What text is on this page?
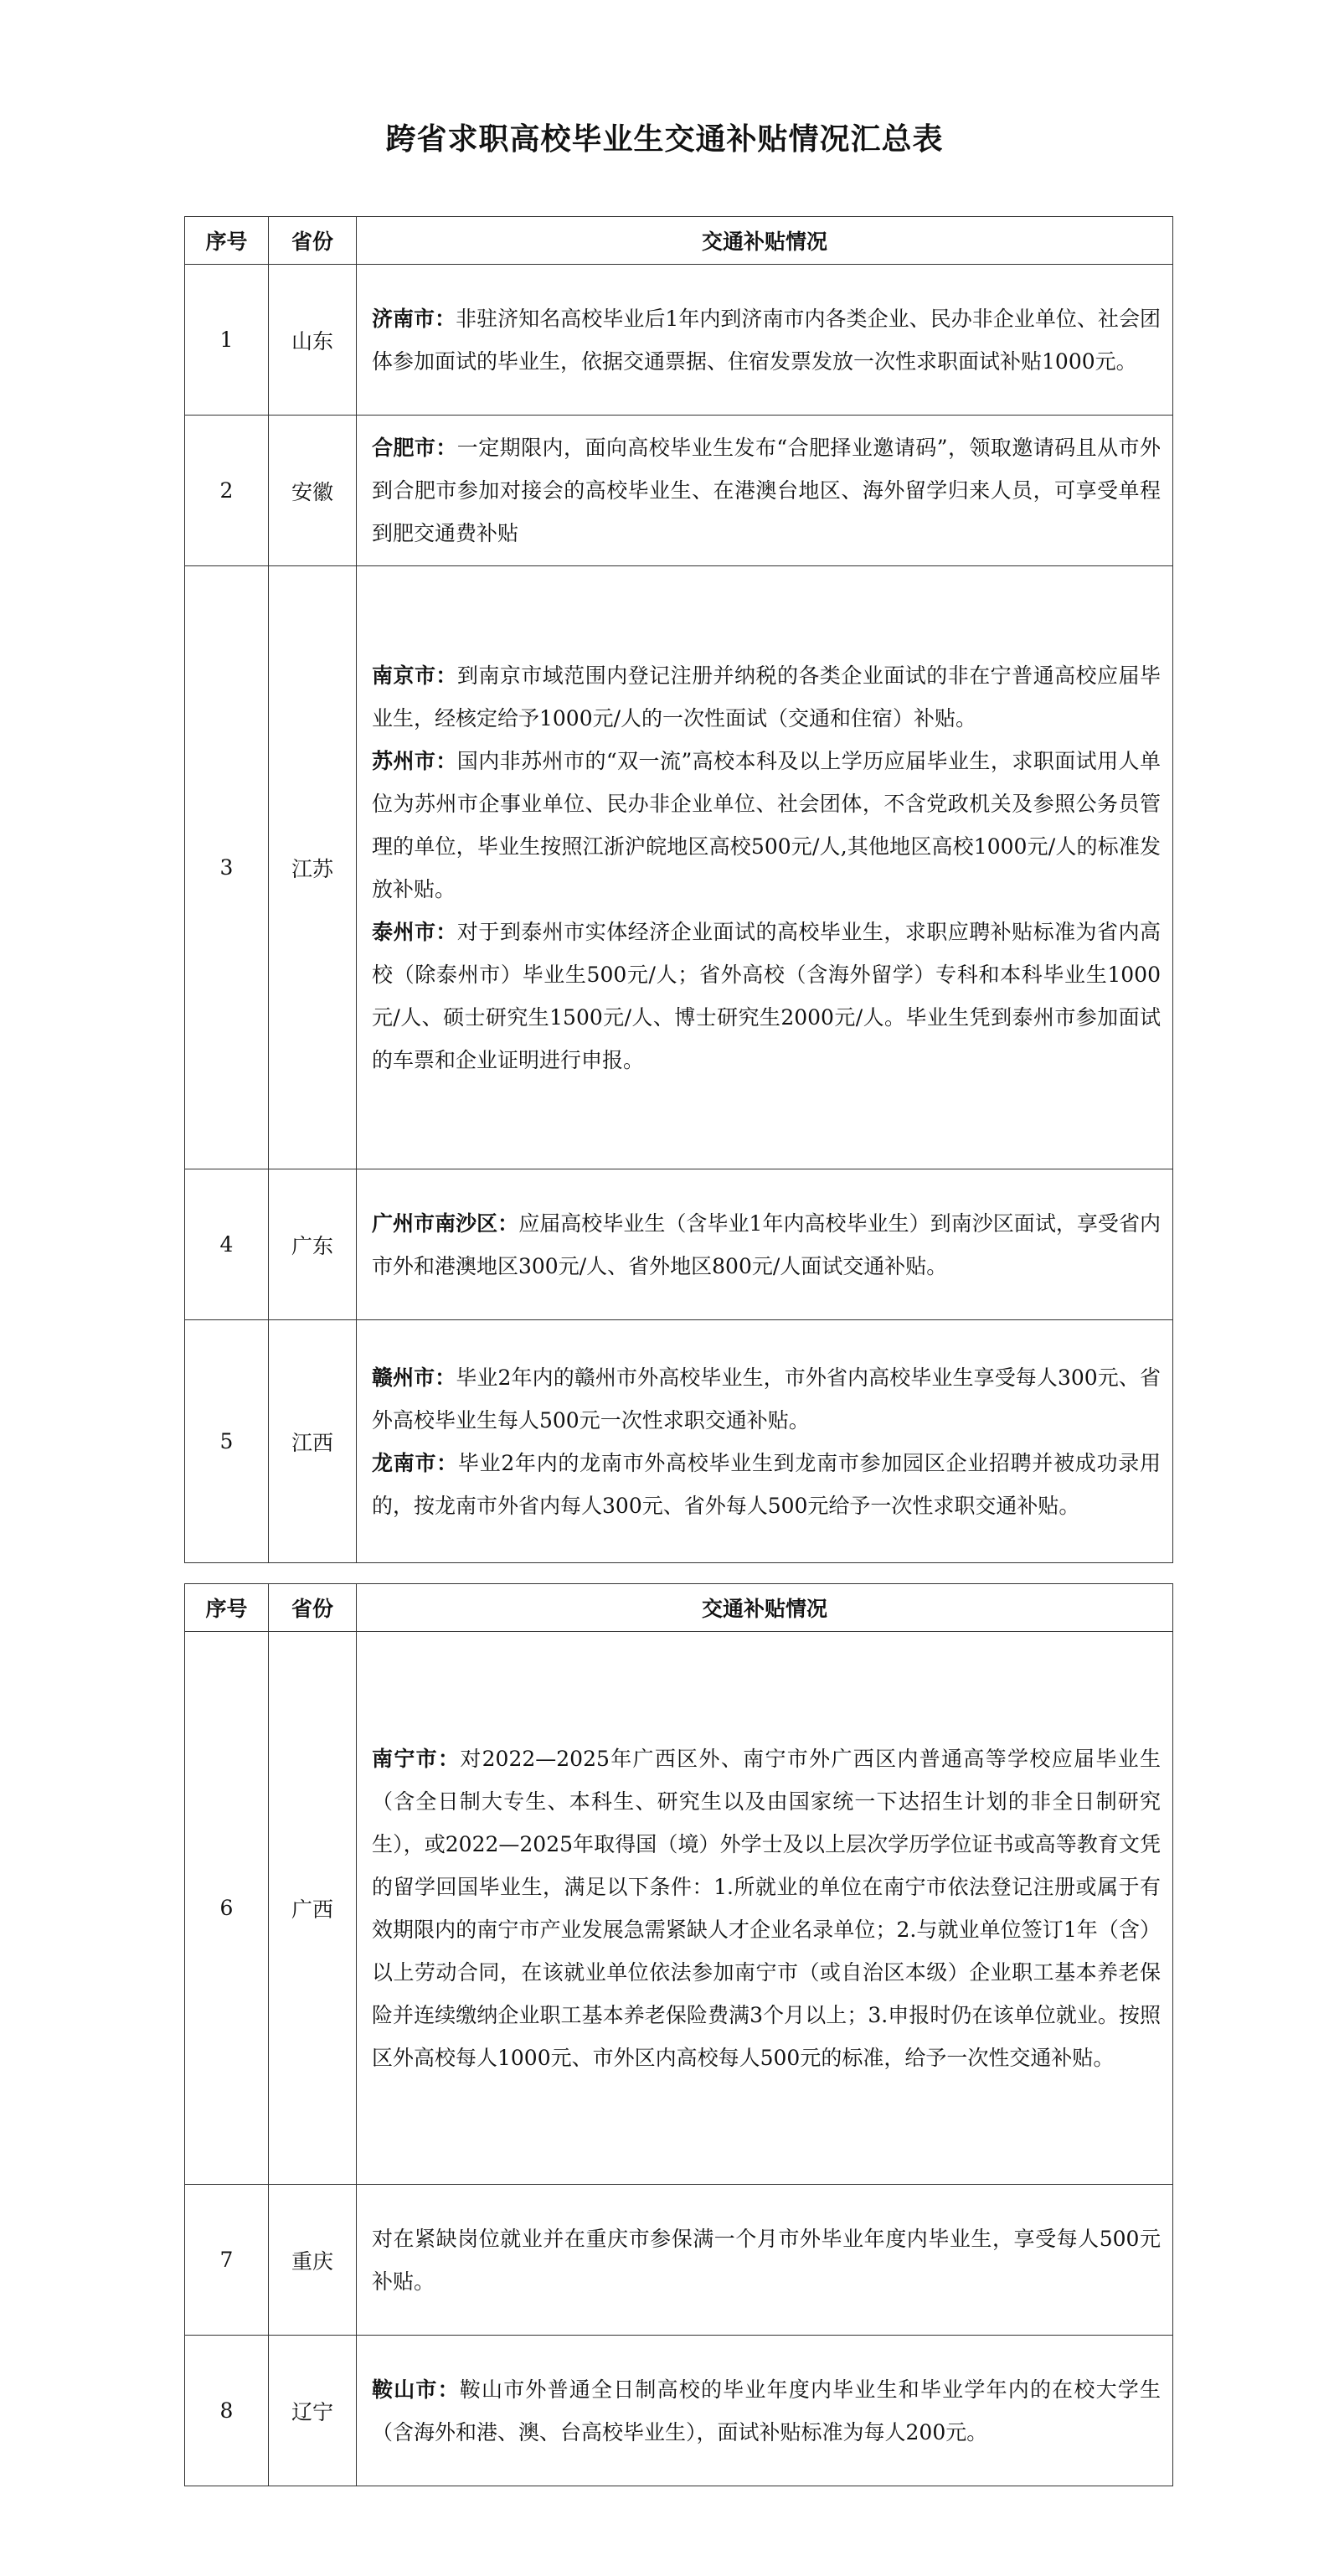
跨省求职高校毕业生交通补贴情况汇总表
序号	省份	交通补贴情况
1	山东	济南市：非驻济知名高校毕业后1年内到济南市内各类企业、民办非企业单位、社会团体参加面试的毕业生，依据交通票据、住宿发票发放一次性求职面试补贴1000元。

2	安徽	合肥市：一定期限内，面向高校毕业生发布“合肥择业邀请码”，领取邀请码且从市外到合肥市参加对接会的高校毕业生、在港澳台地区、海外留学归来人员，可享受单程到肥交通费补贴

3	江苏	南京市：到南京市域范围内登记注册并纳税的各类企业面试的非在宁普通高校应届毕业生，经核定给予1000元/人的一次性面试（交通和住宿）补贴。
苏州市：国内非苏州市的“双一流”高校本科及以上学历应届毕业生，求职面试用人单位为苏州市企事业单位、民办非企业单位、社会团体，不含党政机关及参照公务员管理的单位，毕业生按照江浙沪皖地区高校500元/人,其他地区高校1000元/人的标准发放补贴。
泰州市：对于到泰州市实体经济企业面试的高校毕业生，求职应聘补贴标准为省内高校（除泰州市）毕业生500元/人；省外高校（含海外留学）专科和本科毕业生1000元/人、硕士研究生1500元/人、博士研究生2000元/人。毕业生凭到泰州市参加面试的车票和企业证明进行申报。

4	广东	广州市南沙区：应届高校毕业生（含毕业1年内高校毕业生）到南沙区面试，享受省内市外和港澳地区300元/人、省外地区800元/人面试交通补贴。

5	江西	赣州市：毕业2年内的赣州市外高校毕业生，市外省内高校毕业生享受每人300元、省外高校毕业生每人500元一次性求职交通补贴。
龙南市：毕业2年内的龙南市外高校毕业生到龙南市参加园区企业招聘并被成功录用的，按龙南市外省内每人300元、省外每人500元给予一次性求职交通补贴。
序号	省份	交通补贴情况
6	广西	南宁市：对2022—2025年广西区外、南宁市外广西区内普通高等学校应届毕业生（含全日制大专生、本科生、研究生以及由国家统一下达招生计划的非全日制研究生），或2022—2025年取得国（境）外学士及以上层次学历学位证书或高等教育文凭的留学回国毕业生，满足以下条件：1.所就业的单位在南宁市依法登记注册或属于有效期限内的南宁市产业发展急需紧缺人才企业名录单位；2.与就业单位签订1年（含）以上劳动合同，在该就业单位依法参加南宁市（或自治区本级）企业职工基本养老保险并连续缴纳企业职工基本养老保险费满3个月以上；3.申报时仍在该单位就业。按照区外高校每人1000元、市外区内高校每人500元的标准，给予一次性交通补贴。

7	重庆	对在紧缺岗位就业并在重庆市参保满一个月市外毕业年度内毕业生，享受每人500元补贴。

8	辽宁	鞍山市：鞍山市外普通全日制高校的毕业年度内毕业生和毕业学年内的在校大学生（含海外和港、澳、台高校毕业生），面试补贴标准为每人200元。
